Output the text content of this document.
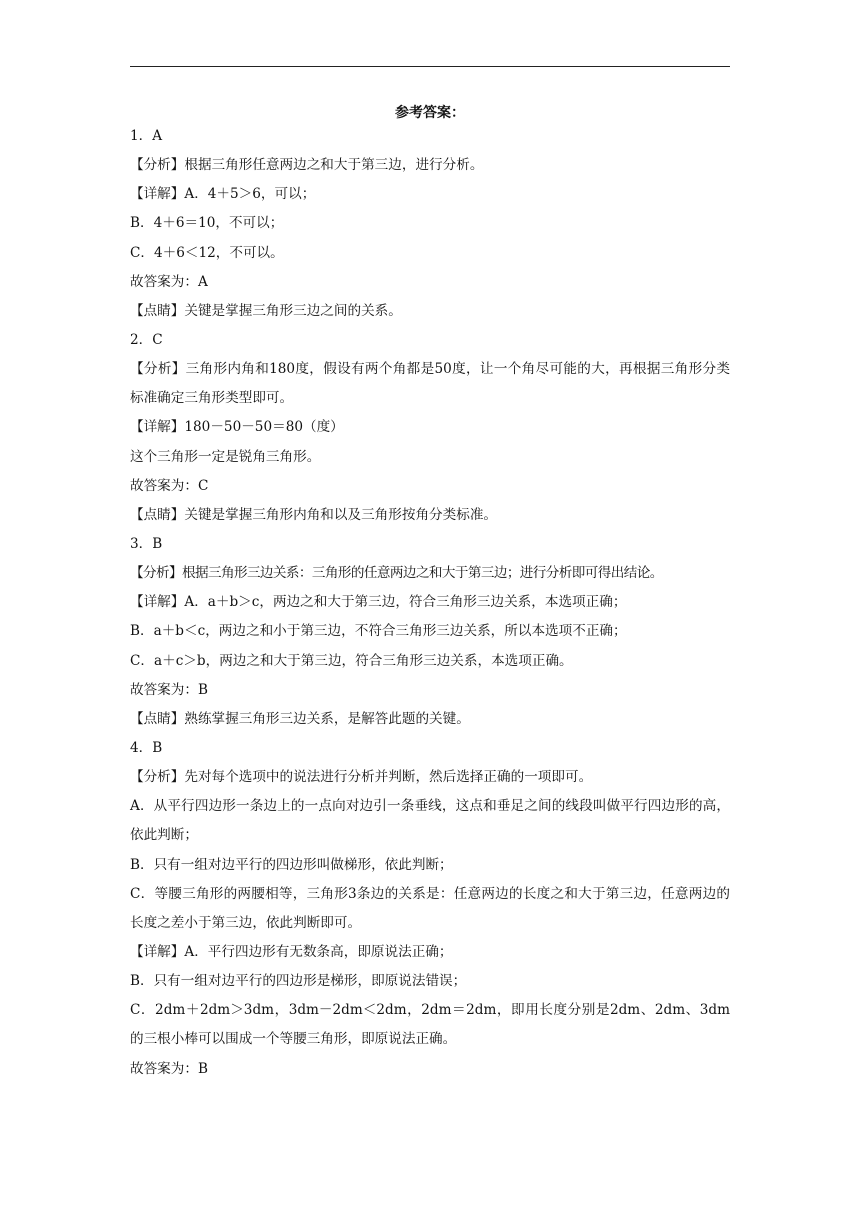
参考答案：
1．A
【分析】根据三角形任意两边之和大于第三边，进行分析。
【详解】A．4＋5＞6，可以；
B．4＋6＝10，不可以；
C．4＋6＜12，不可以。
故答案为：A
【点睛】关键是掌握三角形三边之间的关系。
2．C
【分析】三角形内角和180度，假设有两个角都是50度，让一个角尽可能的大，再根据三角形分类标准确定三角形类型即可。
【详解】180－50－50＝80（度）
这个三角形一定是锐角三角形。
故答案为：C
【点睛】关键是掌握三角形内角和以及三角形按角分类标准。
3．B
【分析】根据三角形三边关系：三角形的任意两边之和大于第三边；进行分析即可得出结论。
【详解】A．a＋b＞c，两边之和大于第三边，符合三角形三边关系，本选项正确；
B．a＋b＜c，两边之和小于第三边，不符合三角形三边关系，所以本选项不正确；
C．a＋c＞b，两边之和大于第三边，符合三角形三边关系，本选项正确。
故答案为：B
【点睛】熟练掌握三角形三边关系，是解答此题的关键。
4．B
【分析】先对每个选项中的说法进行分析并判断，然后选择正确的一项即可。
A．从平行四边形一条边上的一点向对边引一条垂线，这点和垂足之间的线段叫做平行四边形的高，依此判断；
B．只有一组对边平行的四边形叫做梯形，依此判断；
C．等腰三角形的两腰相等，三角形3条边的关系是：任意两边的长度之和大于第三边，任意两边的长度之差小于第三边，依此判断即可。
【详解】A．平行四边形有无数条高，即原说法正确；
B．只有一组对边平行的四边形是梯形，即原说法错误；
C．2dm＋2dm＞3dm，3dm－2dm＜2dm，2dm＝2dm，即用长度分别是2dm、2dm、3dm的三根小棒可以围成一个等腰三角形，即原说法正确。
故答案为：B
